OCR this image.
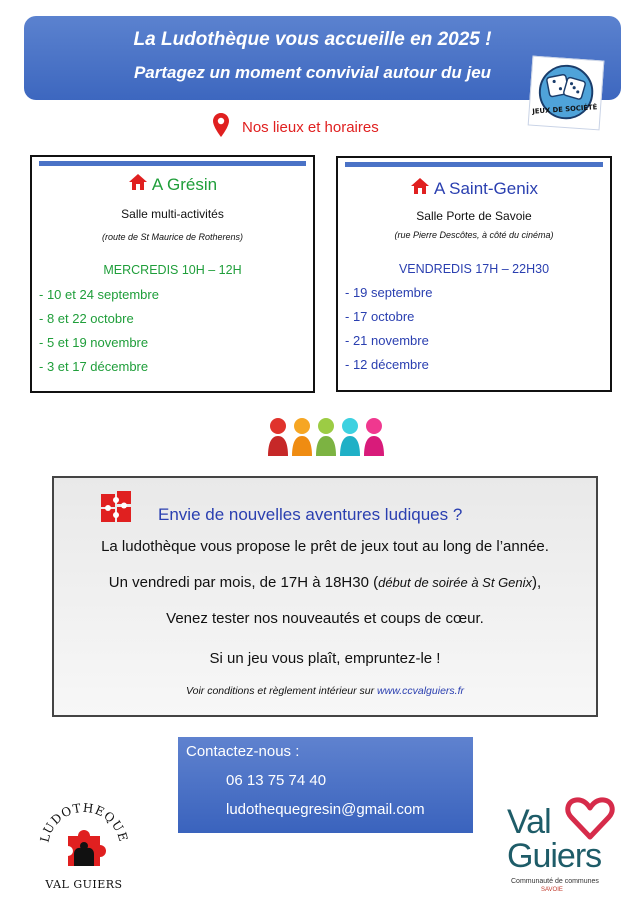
La Ludothèque vous accueille en 2025 !
Partagez un moment convivial autour du jeu
JEUX DE SOCIÉTÉ
Nos lieux et horaires
A Grésin
Salle multi-activités
(route de St Maurice de Rotherens)
MERCREDIS 10H – 12H
- 10 et 24 septembre
- 8 et 22 octobre
- 5 et 19 novembre
- 3 et 17 décembre
A Saint-Genix
Salle Porte de Savoie
(rue Pierre Descôtes, à côté du cinéma)
VENDREDIS 17H – 22H30
- 19 septembre
- 17 octobre
- 21 novembre
- 12 décembre
Envie de nouvelles aventures ludiques ?
La ludothèque vous propose le prêt de jeux tout au long de l’année.
Un vendredi par mois, de 17H à 18H30 (début de soirée à St Genix),
Venez tester nos nouveautés et coups de cœur.
Si un jeu vous plaît, empruntez-le !
Voir conditions et règlement intérieur sur www.ccvalguiers.fr
Contactez-nous :
06 13 75 74 40
ludothequegresin@gmail.com
LUDOTHEQUE
VAL GUIERS
Val
Guiers
Communauté de communes
SAVOIE
